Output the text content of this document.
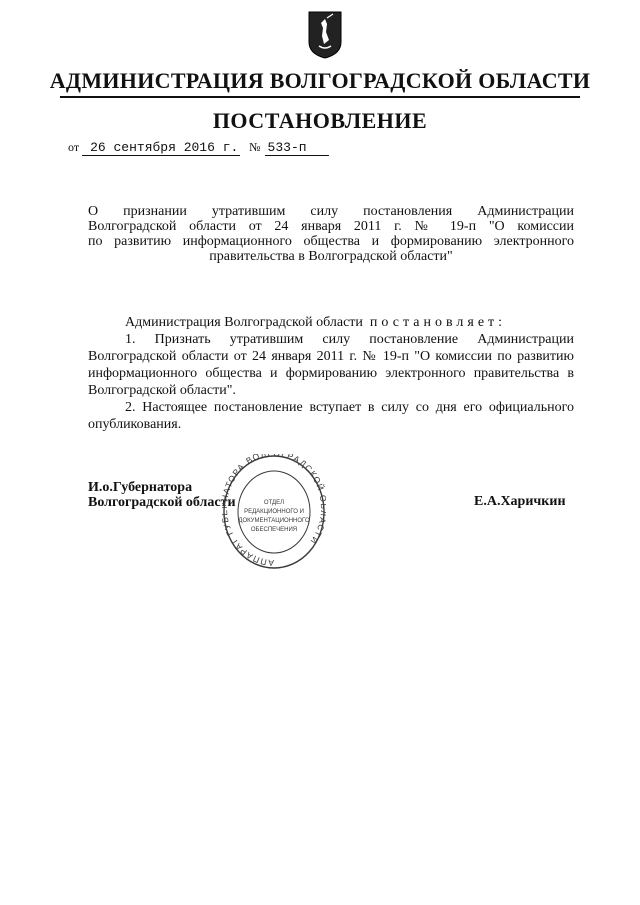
АДМИНИСТРАЦИЯ ВОЛГОГРАДСКОЙ ОБЛАСТИ
ПОСТАНОВЛЕНИЕ
от 26 сентября 2016 г. № 533-п
О признании утратившим силу постановления Администрации
Волгоградской области от 24 января 2011 г. № 19-п "О комиссии
по развитию информационного общества и формированию электронного
правительства в Волгоградской области"

Администрация Волгоградской области постановляет:

1. Признать утратившим силу постановление Администрации Волгоградской области от 24 января 2011 г. № 19-п "О комиссии по развитию информационного общества и формированию электронного правительства в Волгоградской области".

2. Настоящее постановление вступает в силу со дня его официального опубликования.

И.о.Губернатора
Волгоградской области
АППАРАТ ГУ АТОРА ВОЛ ГРАДСКОЙ СТИ
ОТДЕЛ РЕДАКЦИОННОГО И ДОКУМЕНТАЦИОННОГО ОБЕСПЕЧЕНИЯ
Е.А.Харичкин
